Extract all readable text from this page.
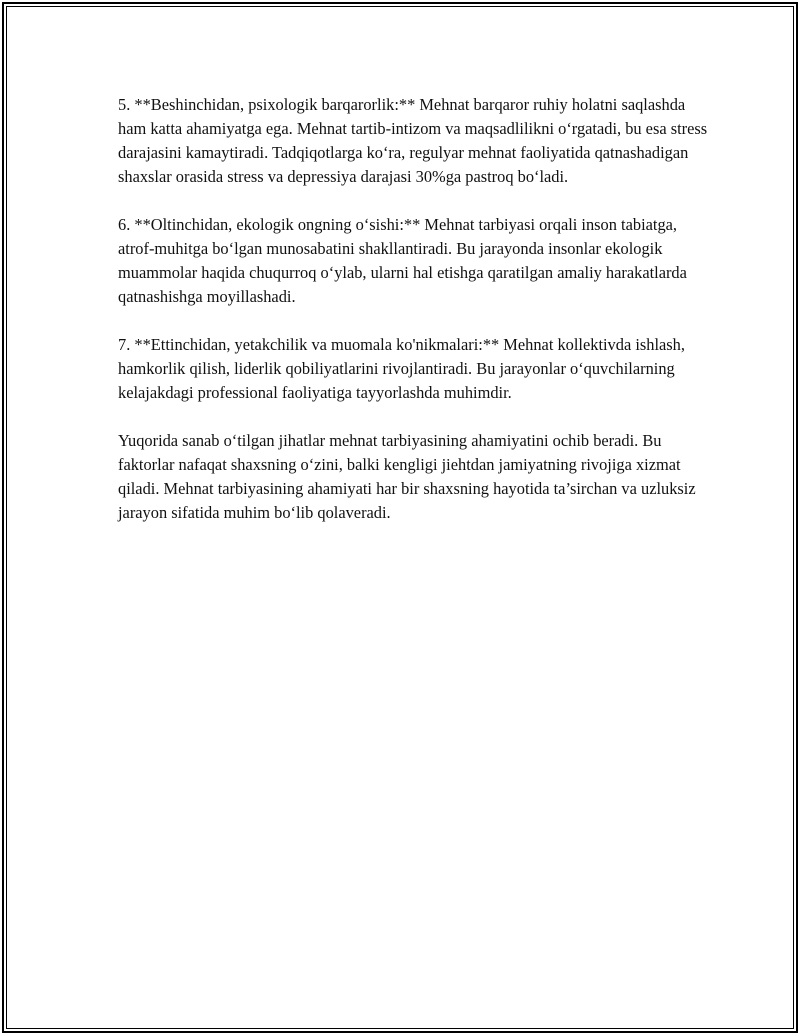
5. **Beshinchidan, psixologik barqarorlik:** Mehnat barqaror ruhiy holatni saqlashda ham katta ahamiyatga ega. Mehnat tartib-intizom va maqsadlilikni o‘rgatadi, bu esa stress darajasini kamaytiradi. Tadqiqotlarga ko‘ra, regulyar mehnat faoliyatida qatnashadigan shaxslar orasida stress va depressiya darajasi 30%ga pastroq bo‘ladi.

6. **Oltinchidan, ekologik ongning o‘sishi:** Mehnat tarbiyasi orqali inson tabiatga, atrof-muhitga bo‘lgan munosabatini shakllantiradi. Bu jarayonda insonlar ekologik muammolar haqida chuqurroq o‘ylab, ularni hal etishga qaratilgan amaliy harakatlarda qatnashishga moyillashadi.

7. **Ettinchidan, yetakchilik va muomala ko'nikmalari:** Mehnat kollektivda ishlash, hamkorlik qilish, liderlik qobiliyatlarini rivojlantiradi. Bu jarayonlar o‘quvchilarning kelajakdagi professional faoliyatiga tayyorlashda muhimdir.

Yuqorida sanab o‘tilgan jihatlar mehnat tarbiyasining ahamiyatini ochib beradi. Bu faktorlar nafaqat shaxsning o‘zini, balki kengligi jiehtdan jamiyatning rivojiga xizmat qiladi. Mehnat tarbiyasining ahamiyati har bir shaxsning hayotida ta’sirchan va uzluksiz jarayon sifatida muhim bo‘lib qolaveradi.
